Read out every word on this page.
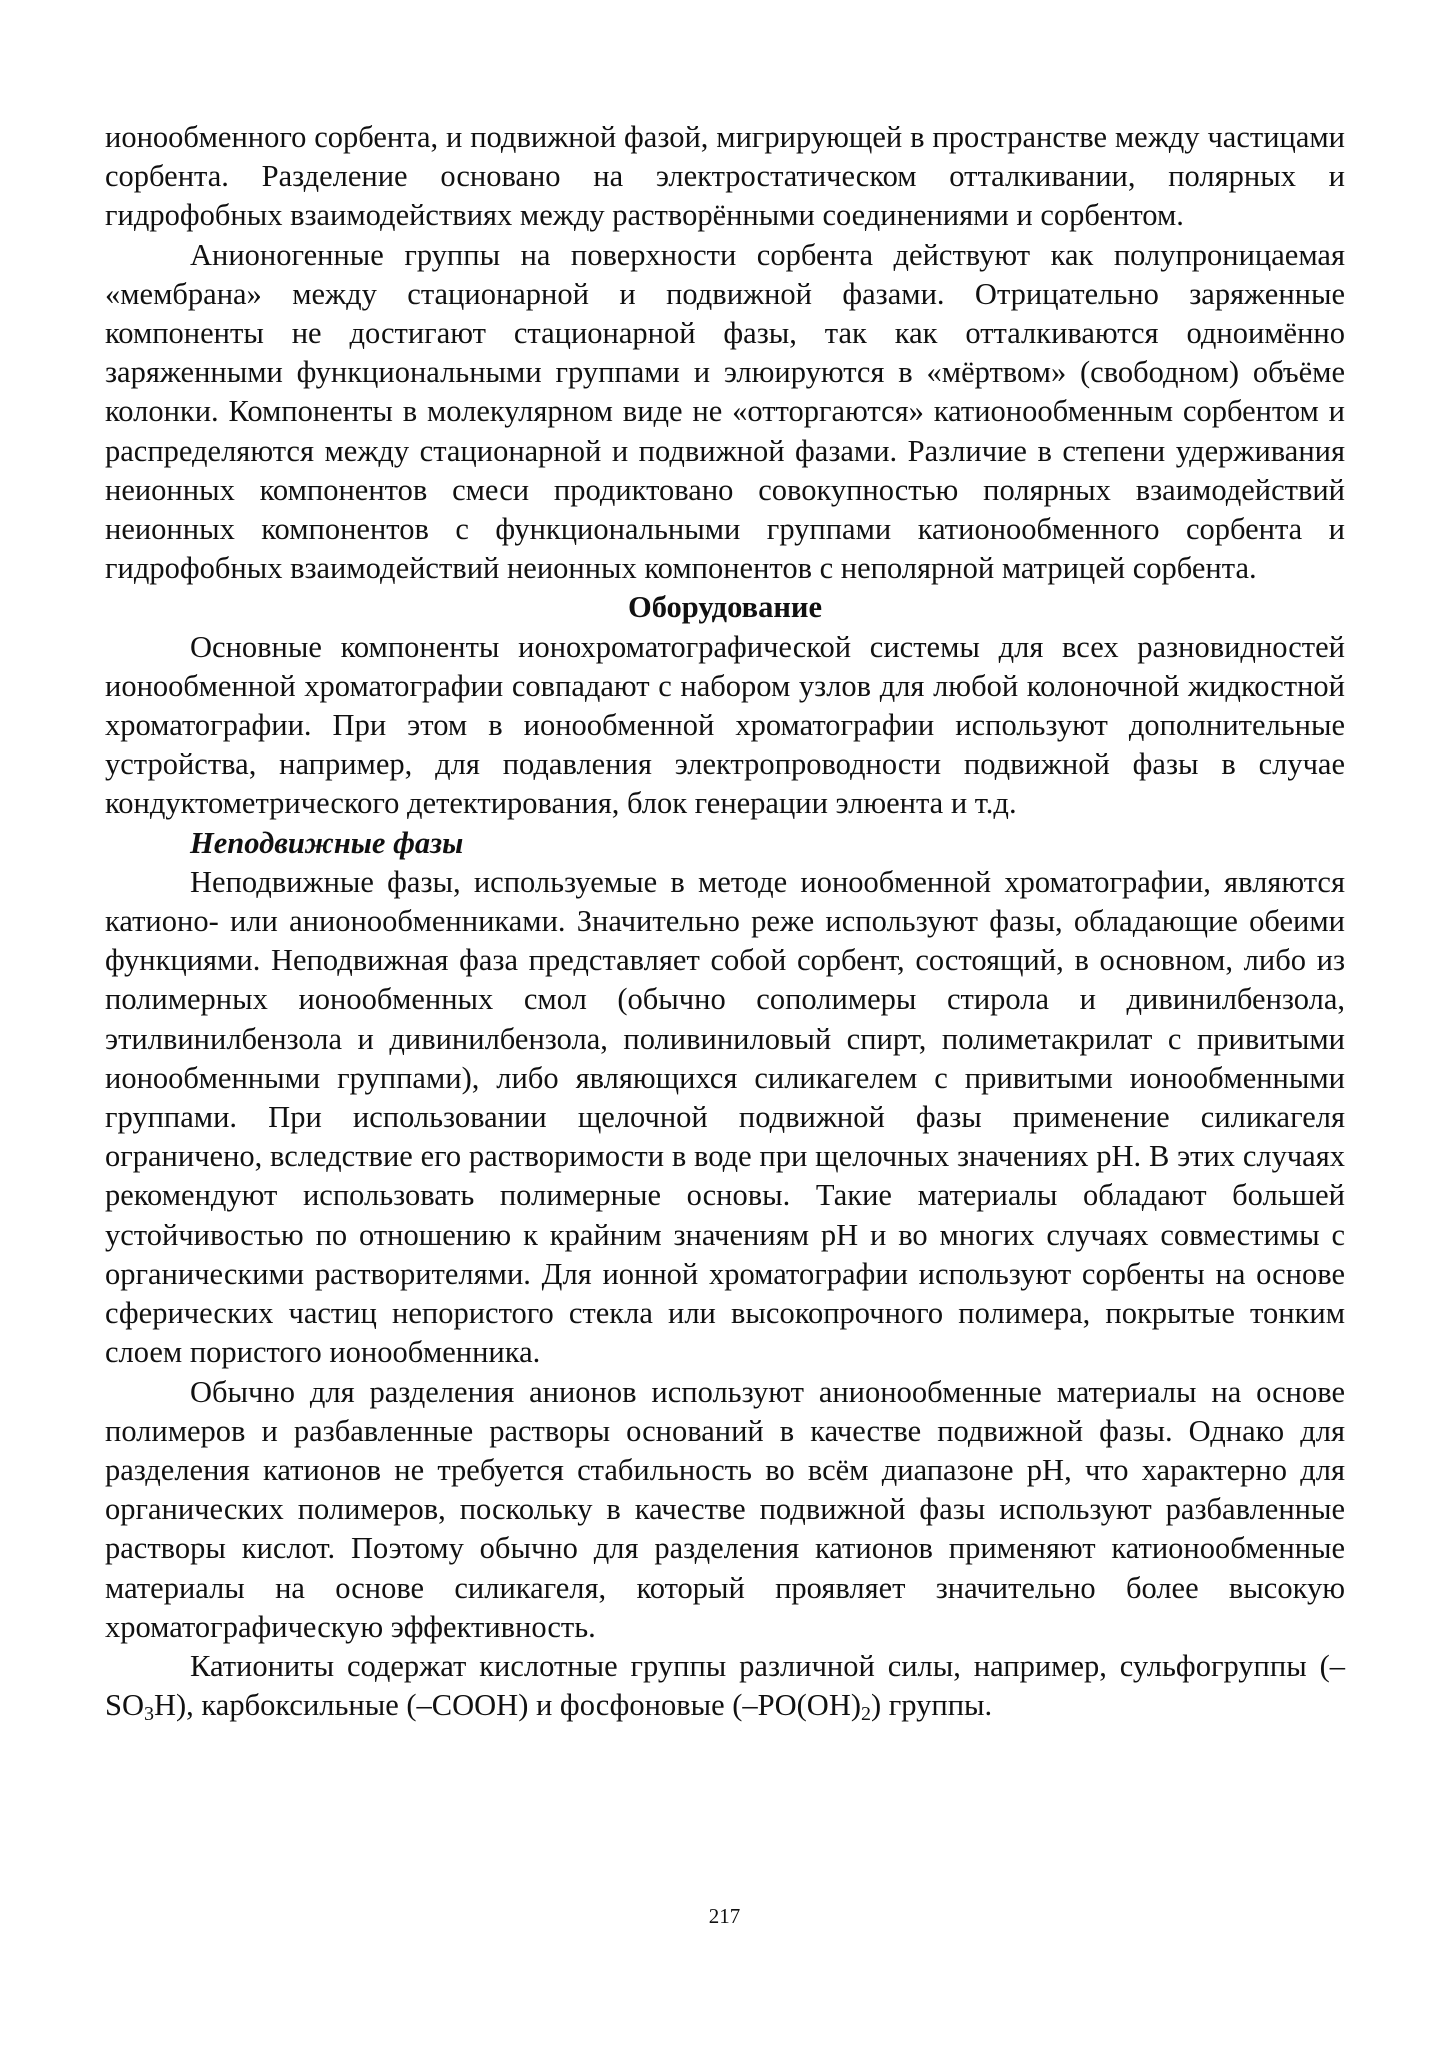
ионообменного сорбента, и подвижной фазой, мигрирующей в пространстве между частицами сорбента. Разделение основано на электростатическом отталкивании, полярных и гидрофобных взаимодействиях между растворёнными соединениями и сорбентом.

Анионогенные группы на поверхности сорбента действуют как полупроницаемая «мембрана» между стационарной и подвижной фазами. Отрицательно заряженные компоненты не достигают стационарной фазы, так как отталкиваются одноимённо заряженными функциональными группами и элюируются в «мёртвом» (свободном) объёме колонки. Компоненты в молекулярном виде не «отторгаются» катионообменным сорбентом и распределяются между стационарной и подвижной фазами. Различие в степени удерживания неионных компонентов смеси продиктовано совокупностью полярных взаимодействий неионных компонентов с функциональными группами катионообменного сорбента и гидрофобных взаимодействий неионных компонентов с неполярной матрицей сорбента.

Оборудование

Основные компоненты ионохроматографической системы для всех разновидностей ионообменной хроматографии совпадают с набором узлов для любой колоночной жидкостной хроматографии. При этом в ионообменной хроматографии используют дополнительные устройства, например, для подавления электропроводности подвижной фазы в случае кондуктометрического детектирования, блок генерации элюента и т.д.

Неподвижные фазы

Неподвижные фазы, используемые в методе ионообменной хроматографии, являются катионо- или анионообменниками. Значительно реже используют фазы, обладающие обеими функциями. Неподвижная фаза представляет собой сорбент, состоящий, в основном, либо из полимерных ионообменных смол (обычно сополимеры стирола и дивинилбензола, этилвинилбензола и дивинилбензола, поливиниловый спирт, полиметакрилат с привитыми ионообменными группами), либо являющихся силикагелем с привитыми ионообменными группами. При использовании щелочной подвижной фазы применение силикагеля ограничено, вследствие его растворимости в воде при щелочных значениях pH. В этих случаях рекомендуют использовать полимерные основы. Такие материалы обладают большей устойчивостью по отношению к крайним значениям pH и во многих случаях совместимы с органическими растворителями. Для ионной хроматографии используют сорбенты на основе сферических частиц непористого стекла или высокопрочного полимера, покрытые тонким слоем пористого ионообменника.

Обычно для разделения анионов используют анионообменные материалы на основе полимеров и разбавленные растворы оснований в качестве подвижной фазы. Однако для разделения катионов не требуется стабильность во всём диапазоне pH, что характерно для органических полимеров, поскольку в качестве подвижной фазы используют разбавленные растворы кислот. Поэтому обычно для разделения катионов применяют катионообменные материалы на основе силикагеля, который проявляет значительно более высокую хроматографическую эффективность.

Катиониты содержат кислотные группы различной силы, например, сульфогруппы $(-SO_3H)$, карбоксильные (–COOH) и фосфоновые $(-PO(OH)_2)$ группы.

217
